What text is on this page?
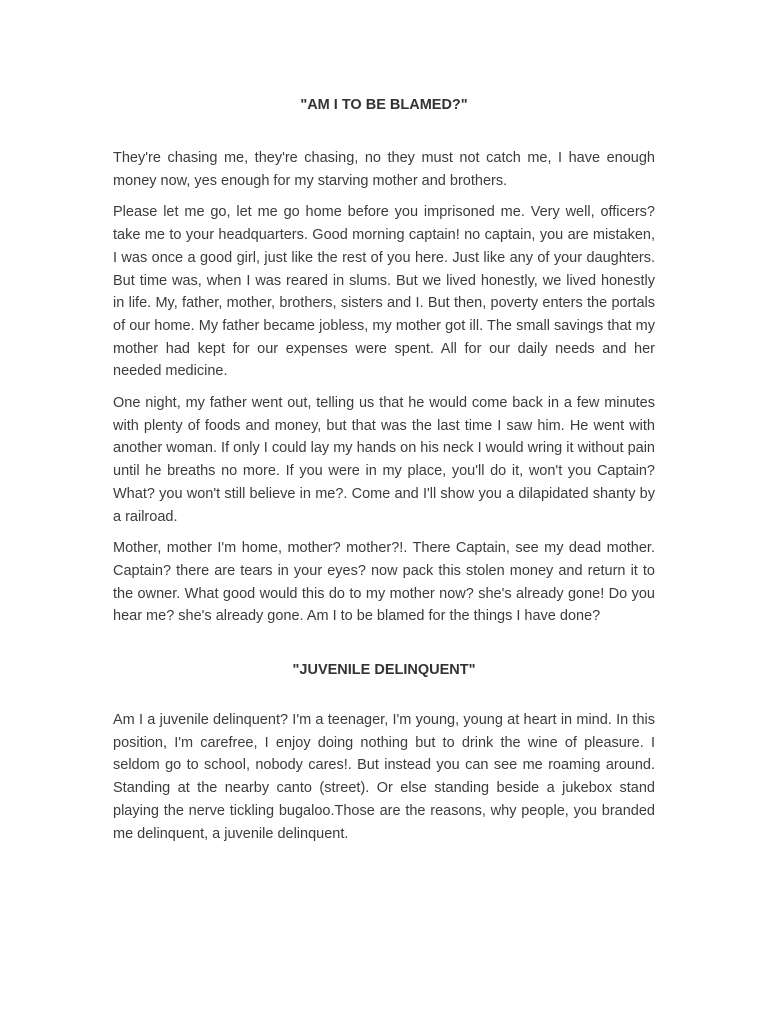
"AM I TO BE BLAMED?"

They're chasing me, they're chasing, no they must not catch me, I have enough money now, yes enough for my starving mother and brothers.

Please let me go, let me go home before you imprisoned me. Very well, officers? take me to your headquarters. Good morning captain! no captain, you are mistaken, I was once a good girl, just like the rest of you here. Just like any of your daughters. But time was, when I was reared in slums. But we lived honestly, we lived honestly in life. My, father, mother, brothers, sisters and I. But then, poverty enters the portals of our home. My father became jobless, my mother got ill. The small savings that my mother had kept for our expenses were spent. All for our daily needs and her needed medicine.

One night, my father went out, telling us that he would come back in a few minutes with plenty of foods and money, but that was the last time I saw him. He went with another woman. If only I could lay my hands on his neck I would wring it without pain until he breaths no more. If you were in my place, you'll do it, won't you Captain? What? you won't still believe in me?. Come and I'll show you a dilapidated shanty by a railroad.

Mother, mother I'm home, mother? mother?!. There Captain, see my dead mother. Captain? there are tears in your eyes? now pack this stolen money and return it to the owner. What good would this do to my mother now? she's already gone! Do you hear me? she's already gone. Am I to be blamed for the things I have done?

"JUVENILE DELINQUENT"

Am I a juvenile delinquent? I'm a teenager, I'm young, young at heart in mind. In this position, I'm carefree, I enjoy doing nothing but to drink the wine of pleasure. I seldom go to school, nobody cares!. But instead you can see me roaming around. Standing at the nearby canto (street). Or else standing beside a jukebox stand playing the nerve tickling bugaloo.Those are the reasons, why people, you branded me delinquent, a juvenile delinquent.
